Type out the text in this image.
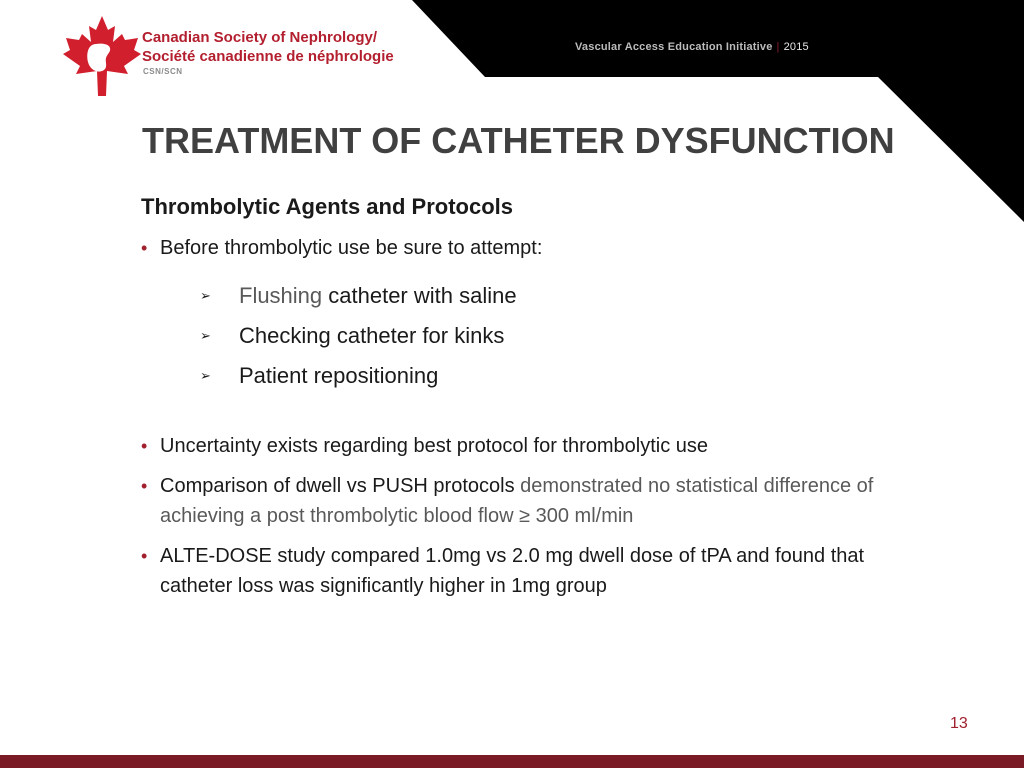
Vascular Access Education Initiative | 2015
Canadian Society of Nephrology/
Société canadienne de néphrologie
CSN/SCN
TREATMENT OF CATHETER DYSFUNCTION
Thrombolytic Agents and Protocols
• Before thrombolytic use be sure to attempt:
➢ Flushing catheter with saline
➢ Checking catheter for kinks
➢ Patient repositioning
• Uncertainty exists regarding best protocol for thrombolytic use
• Comparison of dwell vs PUSH protocols demonstrated no statistical difference of achieving a post thrombolytic blood flow ≥ 300 ml/min
• ALTE-DOSE study compared 1.0mg vs 2.0 mg dwell dose of tPA and found that catheter loss was significantly higher in 1mg group
13
